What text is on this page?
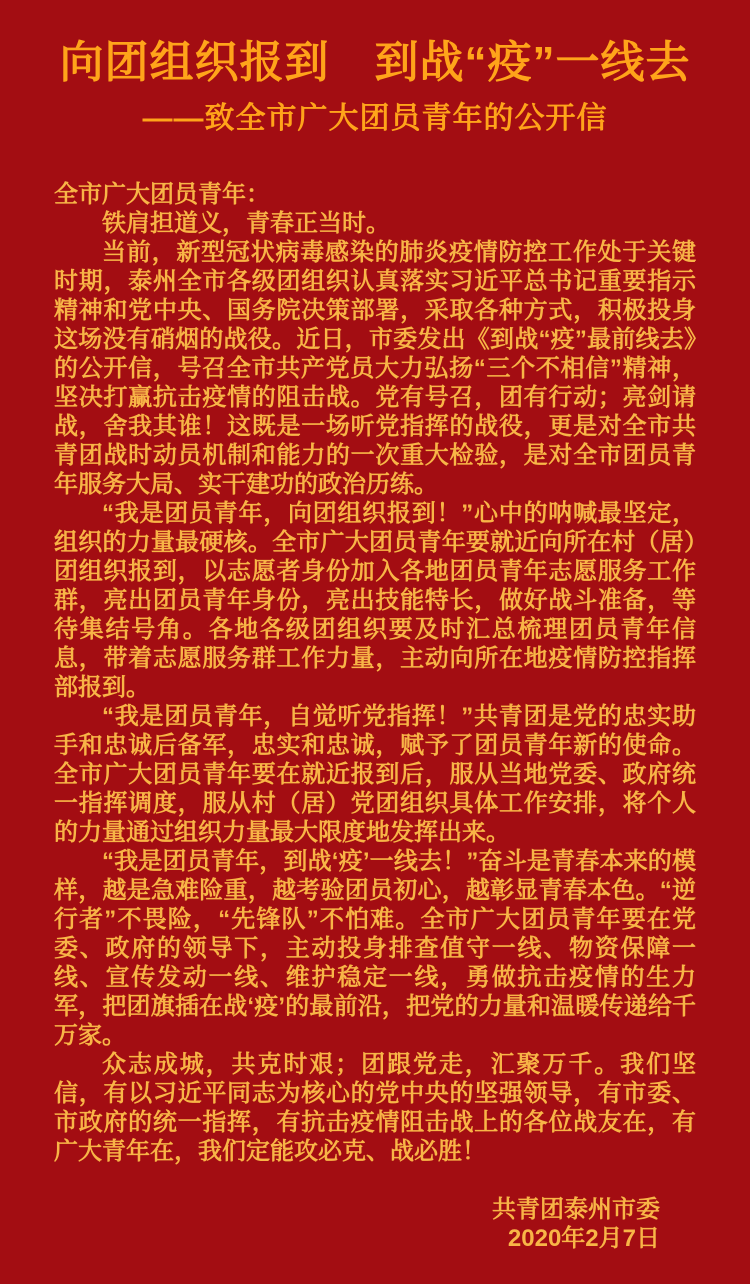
向团组织报到　到战“疫”一线去
——致全市广大团员青年的公开信

全市广大团员青年：

铁肩担道义，青春正当时。

当前，新型冠状病毒感染的肺炎疫情防控工作处于关键时期，泰州全市各级团组织认真落实习近平总书记重要指示精神和党中央、国务院决策部署，采取各种方式，积极投身这场没有硝烟的战役。近日，市委发出《到战“疫”最前线去》的公开信，号召全市共产党员大力弘扬“三个不相信”精神，坚决打赢抗击疫情的阻击战。党有号召，团有行动；亮剑请战，舍我其谁！这既是一场听党指挥的战役，更是对全市共青团战时动员机制和能力的一次重大检验，是对全市团员青年服务大局、实干建功的政治历练。

“我是团员青年，向团组织报到！”心中的呐喊最坚定，组织的力量最硬核。全市广大团员青年要就近向所在村（居）团组织报到，以志愿者身份加入各地团员青年志愿服务工作群，亮出团员青年身份，亮出技能特长，做好战斗准备，等待集结号角。各地各级团组织要及时汇总梳理团员青年信息，带着志愿服务群工作力量，主动向所在地疫情防控指挥部报到。

“我是团员青年，自觉听党指挥！”共青团是党的忠实助手和忠诚后备军，忠实和忠诚，赋予了团员青年新的使命。全市广大团员青年要在就近报到后，服从当地党委、政府统一指挥调度，服从村（居）党团组织具体工作安排，将个人的力量通过组织力量最大限度地发挥出来。

“我是团员青年，到战‘疫’一线去！”奋斗是青春本来的模样，越是急难险重，越考验团员初心，越彰显青春本色。“逆行者”不畏险，“先锋队”不怕难。全市广大团员青年要在党委、政府的领导下，主动投身排查值守一线、物资保障一线、宣传发动一线、维护稳定一线，勇做抗击疫情的生力军，把团旗插在战‘疫’的最前沿，把党的力量和温暖传递给千万家。

众志成城，共克时艰；团跟党走，汇聚万千。我们坚信，有以习近平同志为核心的党中央的坚强领导，有市委、市政府的统一指挥，有抗击疫情阻击战上的各位战友在，有广大青年在，我们定能攻必克、战必胜！

共青团泰州市委
2020年2月7日
